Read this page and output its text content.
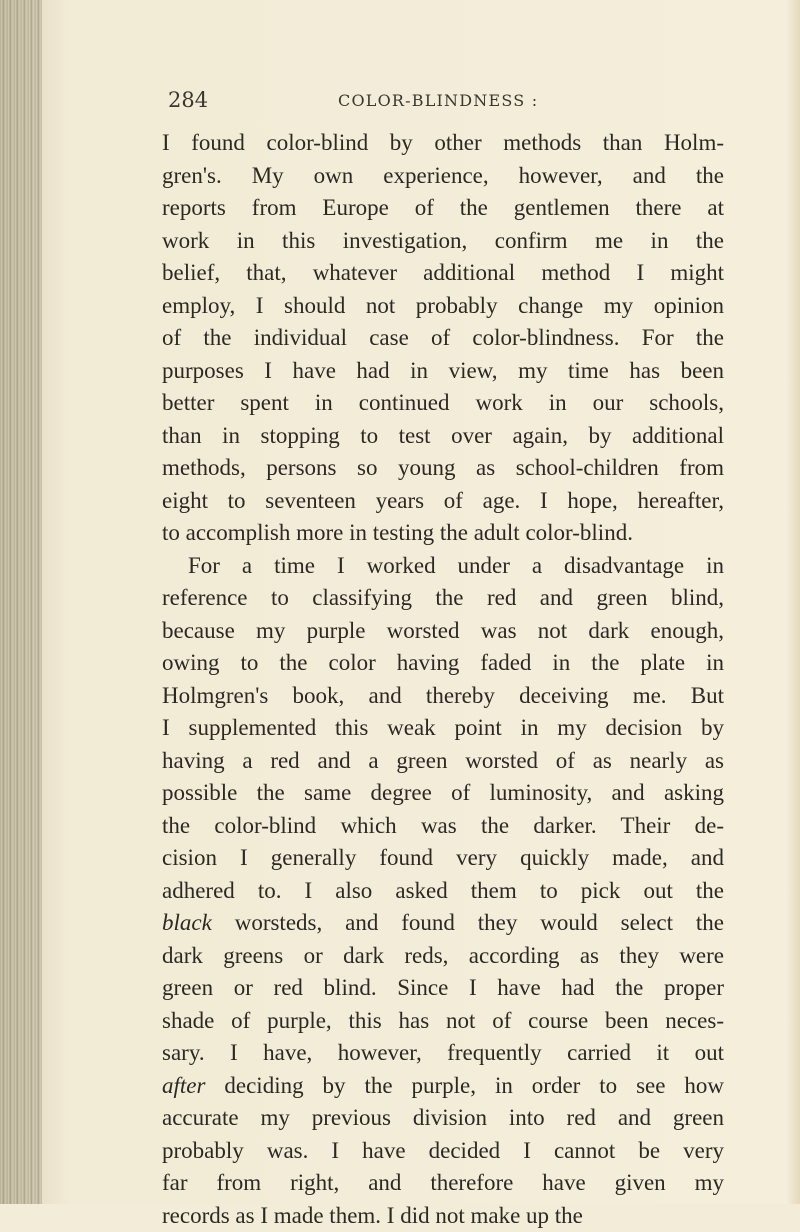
284	COLOR-BLINDNESS :
I found color-blind by other methods than Holm-
gren's. My own experience, however, and the
reports from Europe of the gentlemen there at
work in this investigation, confirm me in the
belief, that, whatever additional method I might
employ, I should not probably change my opinion
of the individual case of color-blindness. For the
purposes I have had in view, my time has been
better spent in continued work in our schools,
than in stopping to test over again, by additional
methods, persons so young as school-children from
eight to seventeen years of age. I hope, hereafter,
to accomplish more in testing the adult color-blind.
For a time I worked under a disadvantage in
reference to classifying the red and green blind,
because my purple worsted was not dark enough,
owing to the color having faded in the plate in
Holmgren's book, and thereby deceiving me. But
I supplemented this weak point in my decision by
having a red and a green worsted of as nearly as
possible the same degree of luminosity, and asking
the color-blind which was the darker. Their de-
cision I generally found very quickly made, and
adhered to. I also asked them to pick out the
black worsteds, and found they would select the
dark greens or dark reds, according as they were
green or red blind. Since I have had the proper
shade of purple, this has not of course been neces-
sary. I have, however, frequently carried it out
after deciding by the purple, in order to see how
accurate my previous division into red and green
probably was. I have decided I cannot be very
far from right, and therefore have given my
records as I made them. I did not make up the
